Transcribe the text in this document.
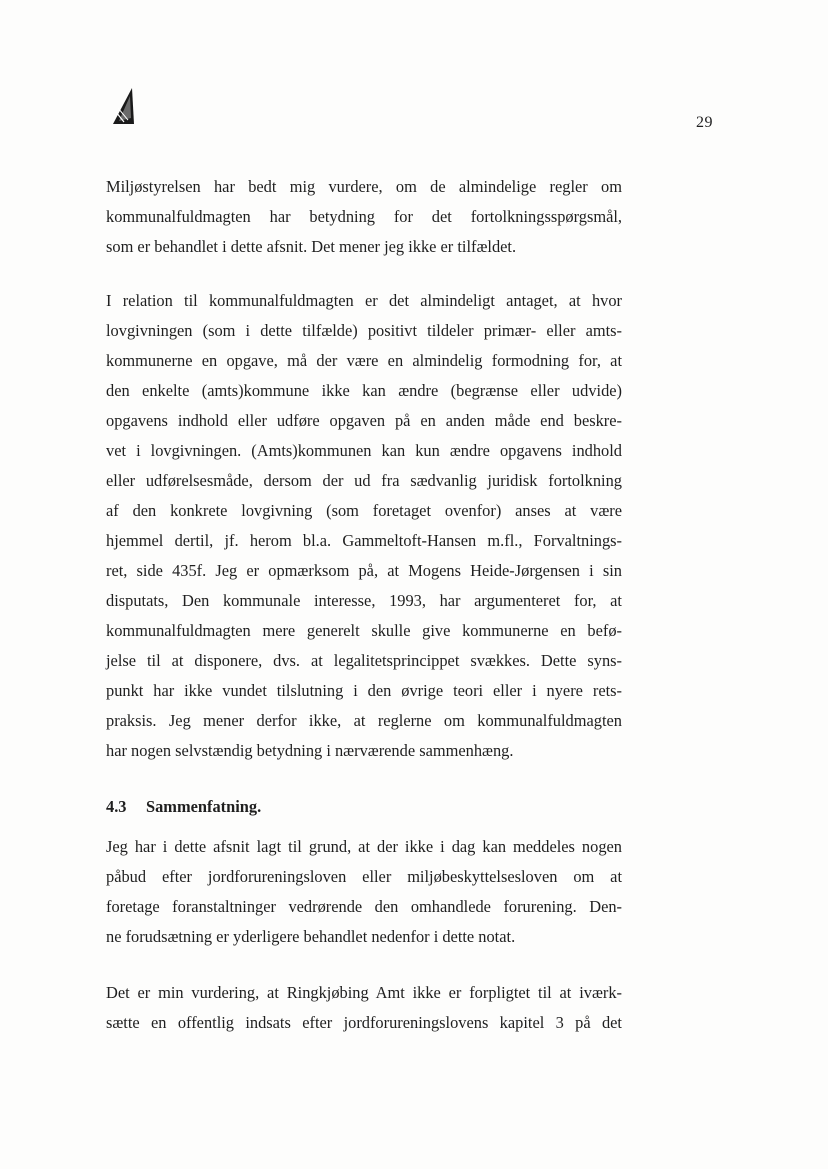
29
Miljøstyrelsen har bedt mig vurdere, om de almindelige regler om
kommunalfuldmagten har betydning for det fortolkningsspørgsmål,
som er behandlet i dette afsnit. Det mener jeg ikke er tilfældet.
I relation til kommunalfuldmagten er det almindeligt antaget, at hvor
lovgivningen (som i dette tilfælde) positivt tildeler primær- eller amts-
kommunerne en opgave, må der være en almindelig formodning for, at
den enkelte (amts)kommune ikke kan ændre (begrænse eller udvide)
opgavens indhold eller udføre opgaven på en anden måde end beskre-
vet i lovgivningen. (Amts)kommunen kan kun ændre opgavens indhold
eller udførelsesmåde, dersom der ud fra sædvanlig juridisk fortolkning
af den konkrete lovgivning (som foretaget ovenfor) anses at være
hjemmel dertil, jf. herom bl.a. Gammeltoft-Hansen m.fl., Forvaltnings-
ret, side 435f. Jeg er opmærksom på, at Mogens Heide-Jørgensen i sin
disputats, Den kommunale interesse, 1993, har argumenteret for, at
kommunalfuldmagten mere generelt skulle give kommunerne en befø-
jelse til at disponere, dvs. at legalitetsprincippet svækkes. Dette syns-
punkt har ikke vundet tilslutning i den øvrige teori eller i nyere rets-
praksis. Jeg mener derfor ikke, at reglerne om kommunalfuldmagten
har nogen selvstændig betydning i nærværende sammenhæng.
4.3 Sammenfatning.
Jeg har i dette afsnit lagt til grund, at der ikke i dag kan meddeles nogen
påbud efter jordforureningsloven eller miljøbeskyttelsesloven om at
foretage foranstaltninger vedrørende den omhandlede forurening. Den-
ne forudsætning er yderligere behandlet nedenfor i dette notat.
Det er min vurdering, at Ringkjøbing Amt ikke er forpligtet til at iværk-
sætte en offentlig indsats efter jordforureningslovens kapitel 3 på det
